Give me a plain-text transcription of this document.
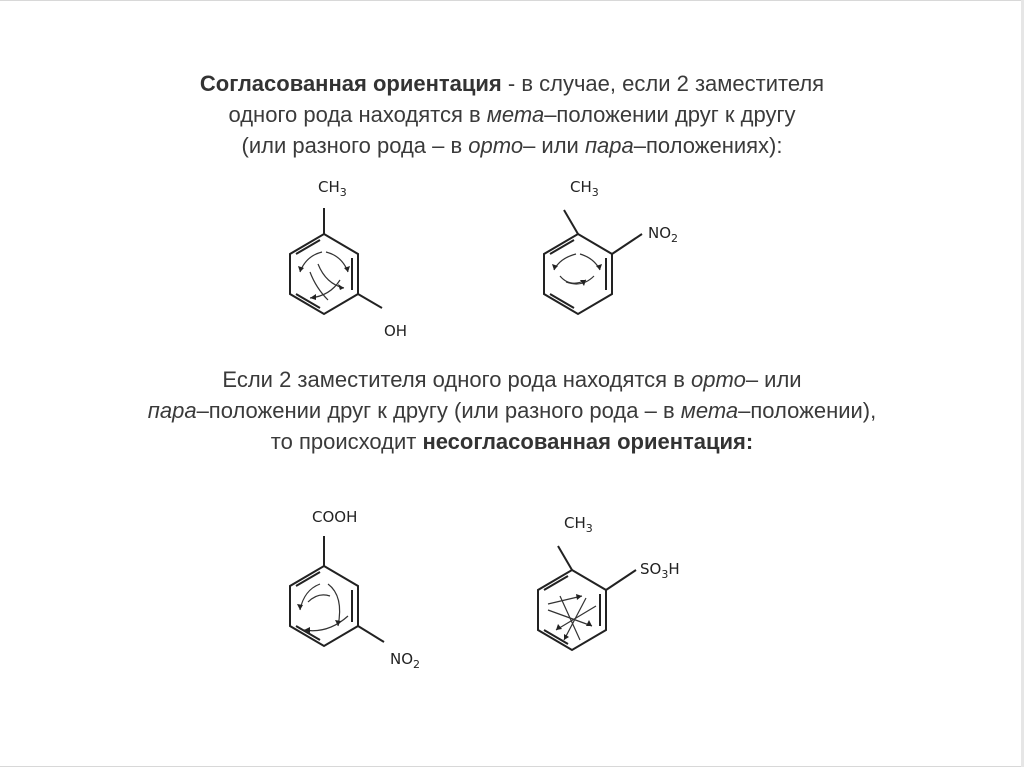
Согласованная ориентация - в случае, если 2 заместителя
одного рода находятся в мета–положении друг к другу
(или разного рода – в орто– или пара–положениях):
$CH_3$
OH
$CH_3$
$NO_2$
Если 2 заместителя одного рода находятся в орто– или
пара–положении друг к другу (или разного рода – в мета–положении),
то происходит несогласованная ориентация:
COOH
$NO_2$
$CH_3$
$SO_3H$
